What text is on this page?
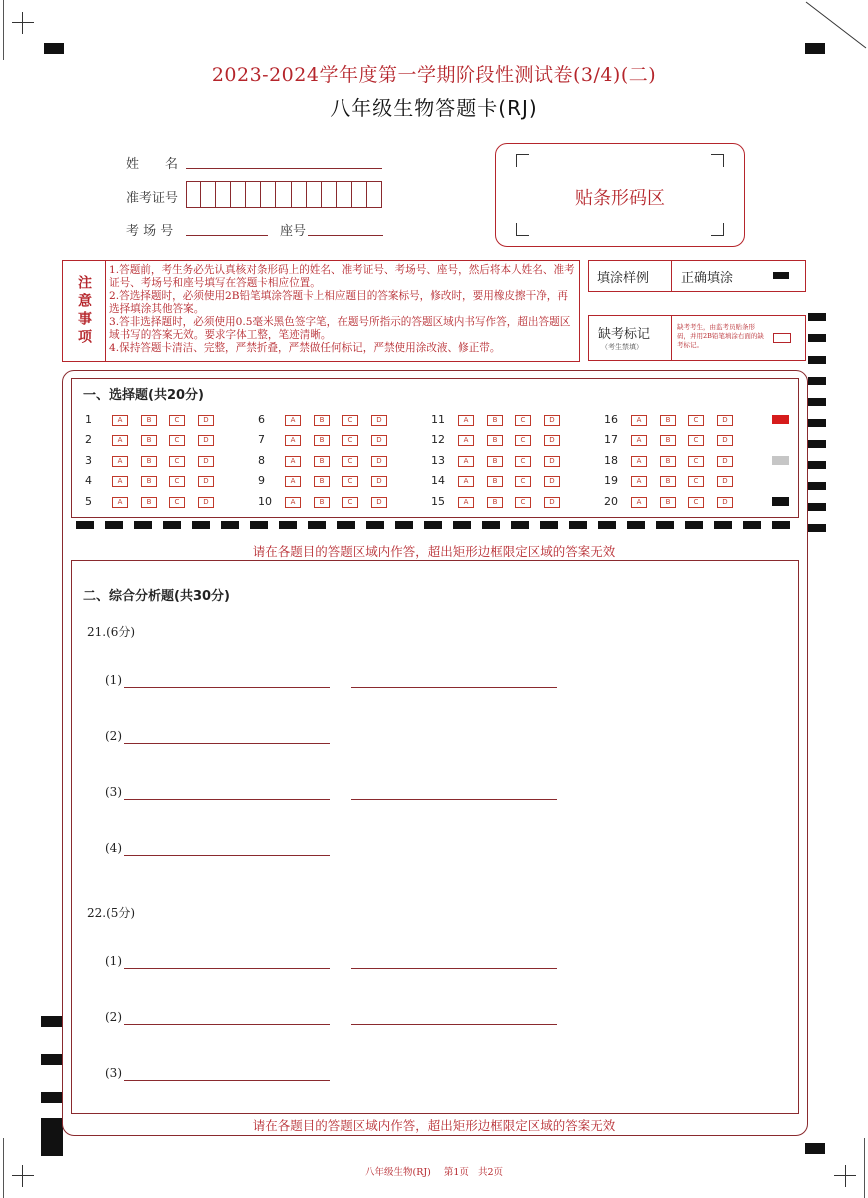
2023-2024学年度第一学期阶段性测试卷(3/4)(二)
八年级生物答题卡(RJ)
姓　　名
准考证号
考 场 号	座号
贴条形码区
注意事项
1.答题前，考生务必先认真核对条形码上的姓名、准考证号、考场号、座号，然后将本人姓名、准考证号、考场号和座号填写在答题卡相应位置。
2.答选择题时，必须使用2B铅笔填涂答题卡上相应题目的答案标号，修改时，要用橡皮擦干净，再选择填涂其他答案。
3.答非选择题时，必须使用0.5毫米黑色签字笔，在题号所指示的答题区域内书写作答，超出答题区域书写的答案无效。要求字体工整，笔迹清晰。
4.保持答题卡清洁、完整，严禁折叠，严禁做任何标记，严禁使用涂改液、修正带。
填涂样例 正确填涂
缺考标记
（考生禁填）
缺考考生，由监考员贴条形码，并用2B铅笔填涂右面的缺考标记。
一、选择题(共20分)
1	A	B	C	D
2	A	B	C	D
3	A	B	C	D
4	A	B	C	D
5	A	B	C	D
6	A	B	C	D
7	A	B	C	D
8	A	B	C	D
9	A	B	C	D
10	A	B	C	D
11	A	B	C	D
12	A	B	C	D
13	A	B	C	D
14	A	B	C	D
15	A	B	C	D
16	A	B	C	D
17	A	B	C	D
18	A	B	C	D
19	A	B	C	D
20	A	B	C	D
请在各题目的答题区域内作答，超出矩形边框限定区域的答案无效
二、综合分析题(共30分)
21.(6分)
22.(5分)
(1)
(2)
(3)
(4)
(1)
(2)
(3)
请在各题目的答题区域内作答，超出矩形边框限定区域的答案无效
八年级生物(RJ) 第1页 共2页
